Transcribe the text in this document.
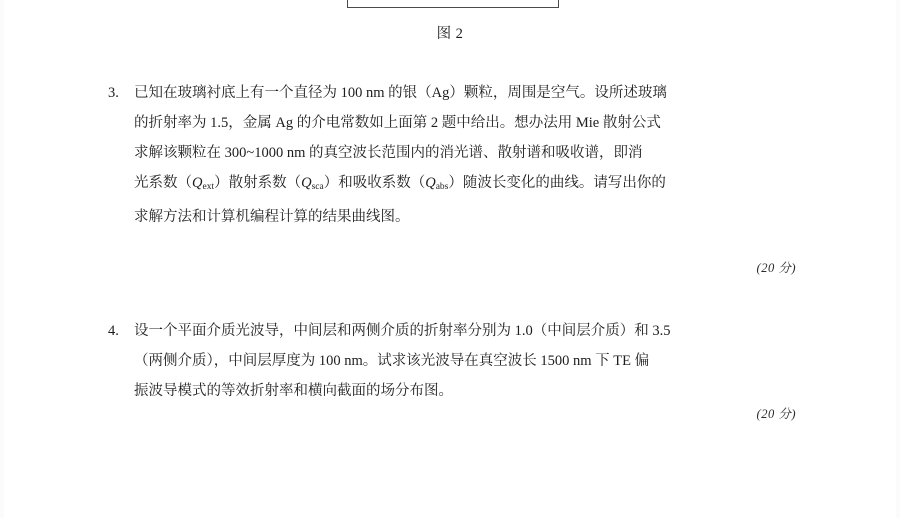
图 2
3.	已知在玻璃衬底上有一个直径为 100 nm 的银（Ag）颗粒，周围是空气。设所述玻璃

的折射率为 1.5，金属 Ag 的介电常数如上面第 2 题中给出。想办法用 Mie 散射公式

求解该颗粒在 300~1000 nm 的真空波长范围内的消光谱、散射谱和吸收谱，即消

光系数$(Q_{ext})$散射系数$(Q_{sca})$和吸收系数$(Q_{abs})$随波长变化的曲线。请写出你的

求解方法和计算机编程计算的结果曲线图。

(20 分)
4.	设一个平面介质光波导，中间层和两侧介质的折射率分别为 1.0（中间层介质）和 3.5

（两侧介质），中间层厚度为 100 nm。试求该光波导在真空波长 1500 nm 下 TE 偏

振波导模式的等效折射率和横向截面的场分布图。

(20 分)
